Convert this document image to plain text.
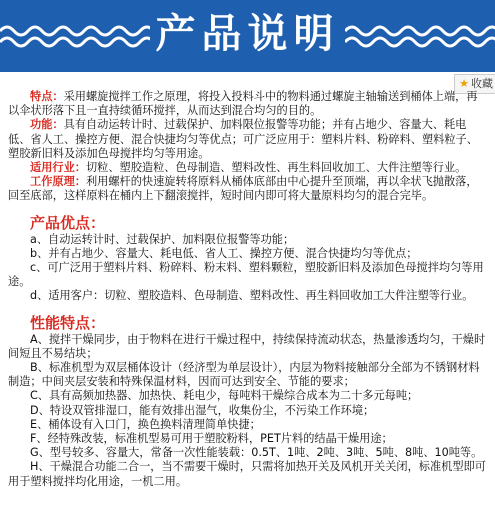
产品说明
★ 收藏

特点：采用螺旋搅拌工作之原理，将投入投料斗中的物料通过螺旋主轴输送到桶体上端，再以伞状形落下且一直持续循环搅拌，从而达到混合均匀的目的。

功能：具有自动运转计时、过载保护、加料限位报警等功能；并有占地少、容量大、耗电低、省人工、操控方便、混合快捷均匀等优点；可广泛应用于：塑料片料、粉碎料、塑料粒子、塑胶新旧料及添加色母搅拌均匀等用途。

适用行业：切粒、塑胶造粒、色母制造、塑料改性、再生料回收加工、大件注塑等行业。

工作原理：利用螺杆的快速旋转将原料从桶体底部由中心提升至顶端，再以伞状飞抛散落，回至底部，这样原料在桶内上下翻滚搅拌，短时间内即可将大量原料均匀的混合完毕。

产品优点：

a、自动运转计时、过载保护、加料限位报警等功能；

b、并有占地少、容量大、耗电低、省人工、操控方便、混合快捷均匀等优点；

c、可广泛用于塑料片料、粉碎料、粉末料、塑料颗粒，塑胶新旧料及添加色母搅拌均匀等用途。

d、适用客户：切粒、塑胶造料、色母制造、塑料改性、再生料回收加工大件注塑等行业。

性能特点：

A、搅拌干燥同步，由于物料在进行干燥过程中，持续保持流动状态，热量渗透均匀，干燥时间短且不易结块；

B、标准机型为双层桶体设计（经济型为单层设计），内层为物料接触部分全部为不锈钢材料制造；中间夹层安装和特殊保温材料，因而可达到安全、节能的要求；

C、具有高频加热器、加热快、耗电少，每吨料干燥综合成本为二十多元每吨；

D、特设双管排湿口，能有效排出湿气，收集份尘，不污染工作环境；

E、桶体设有入口门，换色换料清理简单快捷；

F、经特殊改装，标准机型易可用于塑胶粉料，PET片料的结晶干燥用途；

G、型号较多、容量大，常备一次性能装载：0.5T、1吨、2吨、3吨、5吨、8吨、10吨等。

H、干燥混合功能二合一，当不需要干燥时，只需将加热开关及风机开关关闭，标准机型即可用于塑料搅拌均化用途，一机二用。
